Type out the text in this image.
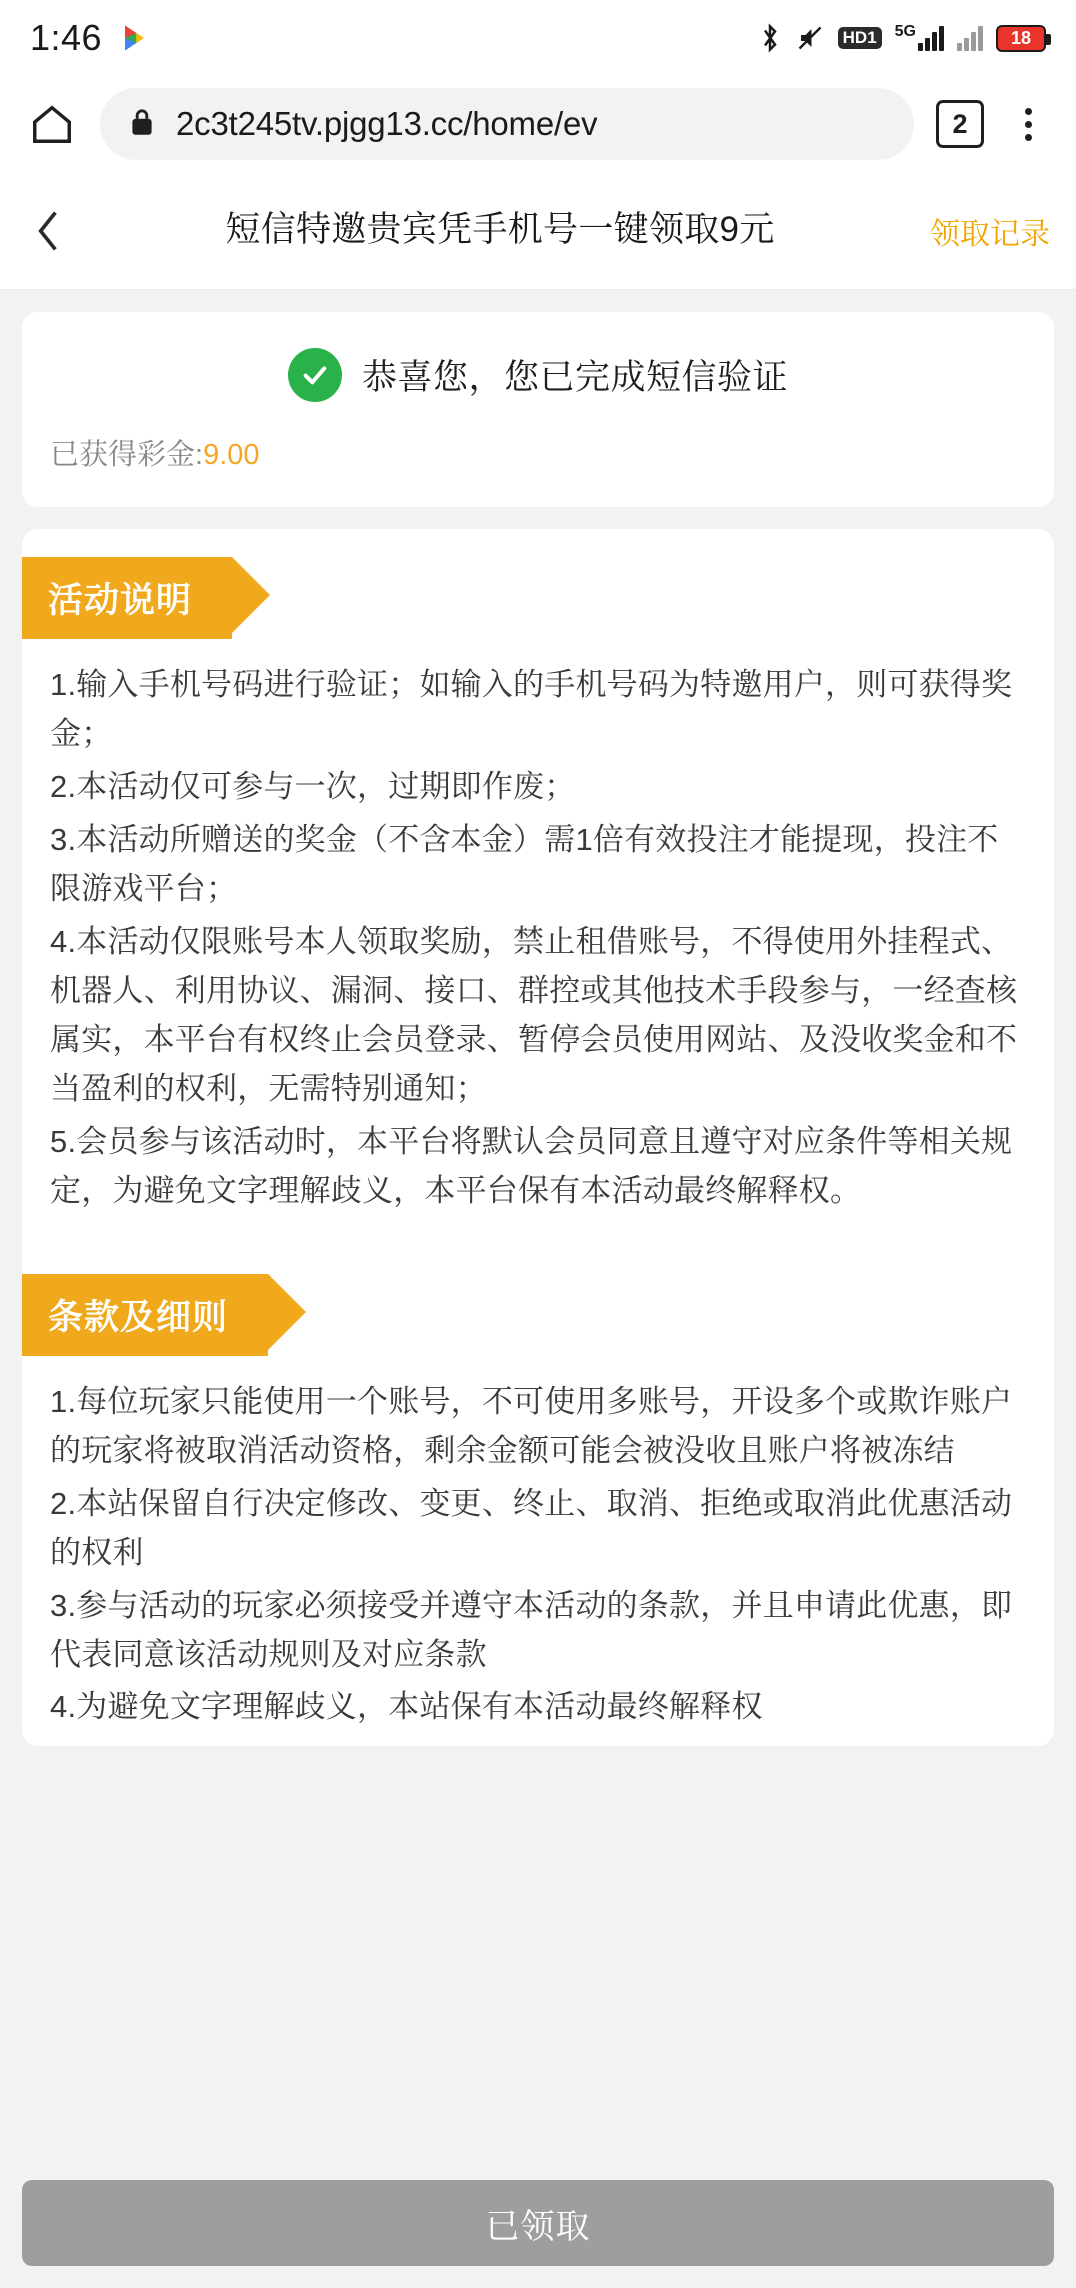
1:46	HD1	5G	18
2c3t245tv.pjgg13.cc/home/ev	2
短信特邀贵宾凭手机号一键领取9元	领取记录
恭喜您，您已完成短信验证
已获得彩金:9.00
活动说明

1.输入手机号码进行验证；如输入的手机号码为特邀用户，则可获得奖金；

2.本活动仅可参与一次，过期即作废；

3.本活动所赠送的奖金（不含本金）需1倍有效投注才能提现，投注不限游戏平台；

4.本活动仅限账号本人领取奖励，禁止租借账号，不得使用外挂程式、机器人、利用协议、漏洞、接口、群控或其他技术手段参与，一经查核属实，本平台有权终止会员登录、暂停会员使用网站、及没收奖金和不当盈利的权利，无需特别通知；

5.会员参与该活动时，本平台将默认会员同意且遵守对应条件等相关规定，为避免文字理解歧义，本平台保有本活动最终解释权。

条款及细则

1.每位玩家只能使用一个账号，不可使用多账号，开设多个或欺诈账户的玩家将被取消活动资格，剩余金额可能会被没收且账户将被冻结

2.本站保留自行决定修改、变更、终止、取消、拒绝或取消此优惠活动的权利

3.参与活动的玩家必须接受并遵守本活动的条款，并且申请此优惠，即代表同意该活动规则及对应条款

4.为避免文字理解歧义，本站保有本活动最终解释权

已领取
